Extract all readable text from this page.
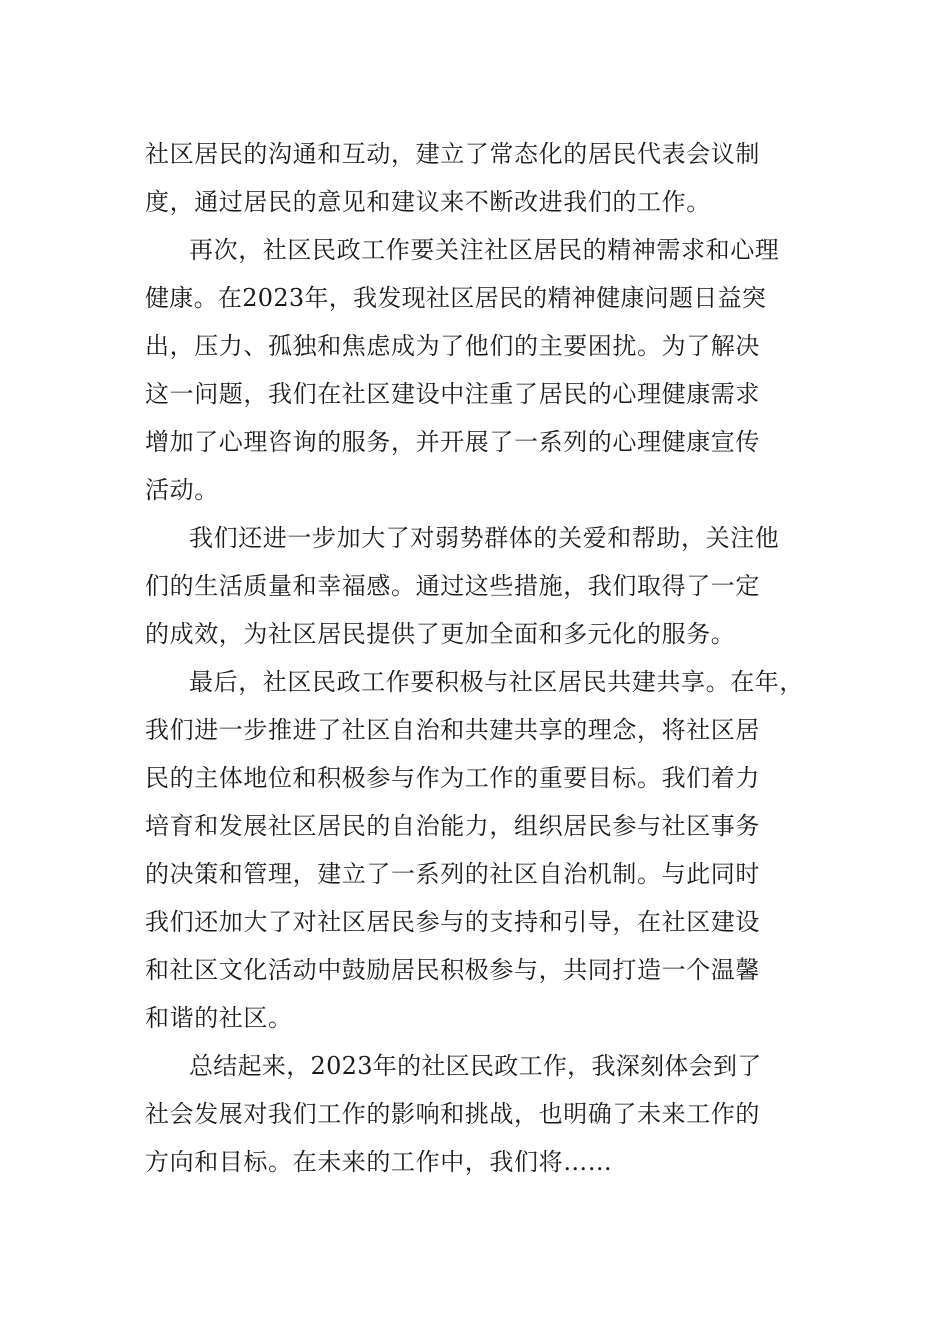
社区居民的沟通和互动，建立了常态化的居民代表会议制
度，通过居民的意见和建议来不断改进我们的工作。
再次，社区民政工作要关注社区居民的精神需求和心理
健康。在2023年，我发现社区居民的精神健康问题日益突
出，压力、孤独和焦虑成为了他们的主要困扰。为了解决
这一问题，我们在社区建设中注重了居民的心理健康需求
增加了心理咨询的服务，并开展了一系列的心理健康宣传
活动。
我们还进一步加大了对弱势群体的关爱和帮助，关注他
们的生活质量和幸福感。通过这些措施，我们取得了一定
的成效，为社区居民提供了更加全面和多元化的服务。
最后，社区民政工作要积极与社区居民共建共享。在年，
我们进一步推进了社区自治和共建共享的理念，将社区居
民的主体地位和积极参与作为工作的重要目标。我们着力
培育和发展社区居民的自治能力，组织居民参与社区事务
的决策和管理，建立了一系列的社区自治机制。与此同时
我们还加大了对社区居民参与的支持和引导，在社区建设
和社区文化活动中鼓励居民积极参与，共同打造一个温馨
和谐的社区。
总结起来，2023年的社区民政工作，我深刻体会到了
社会发展对我们工作的影响和挑战，也明确了未来工作的
方向和目标。在未来的工作中，我们将……
